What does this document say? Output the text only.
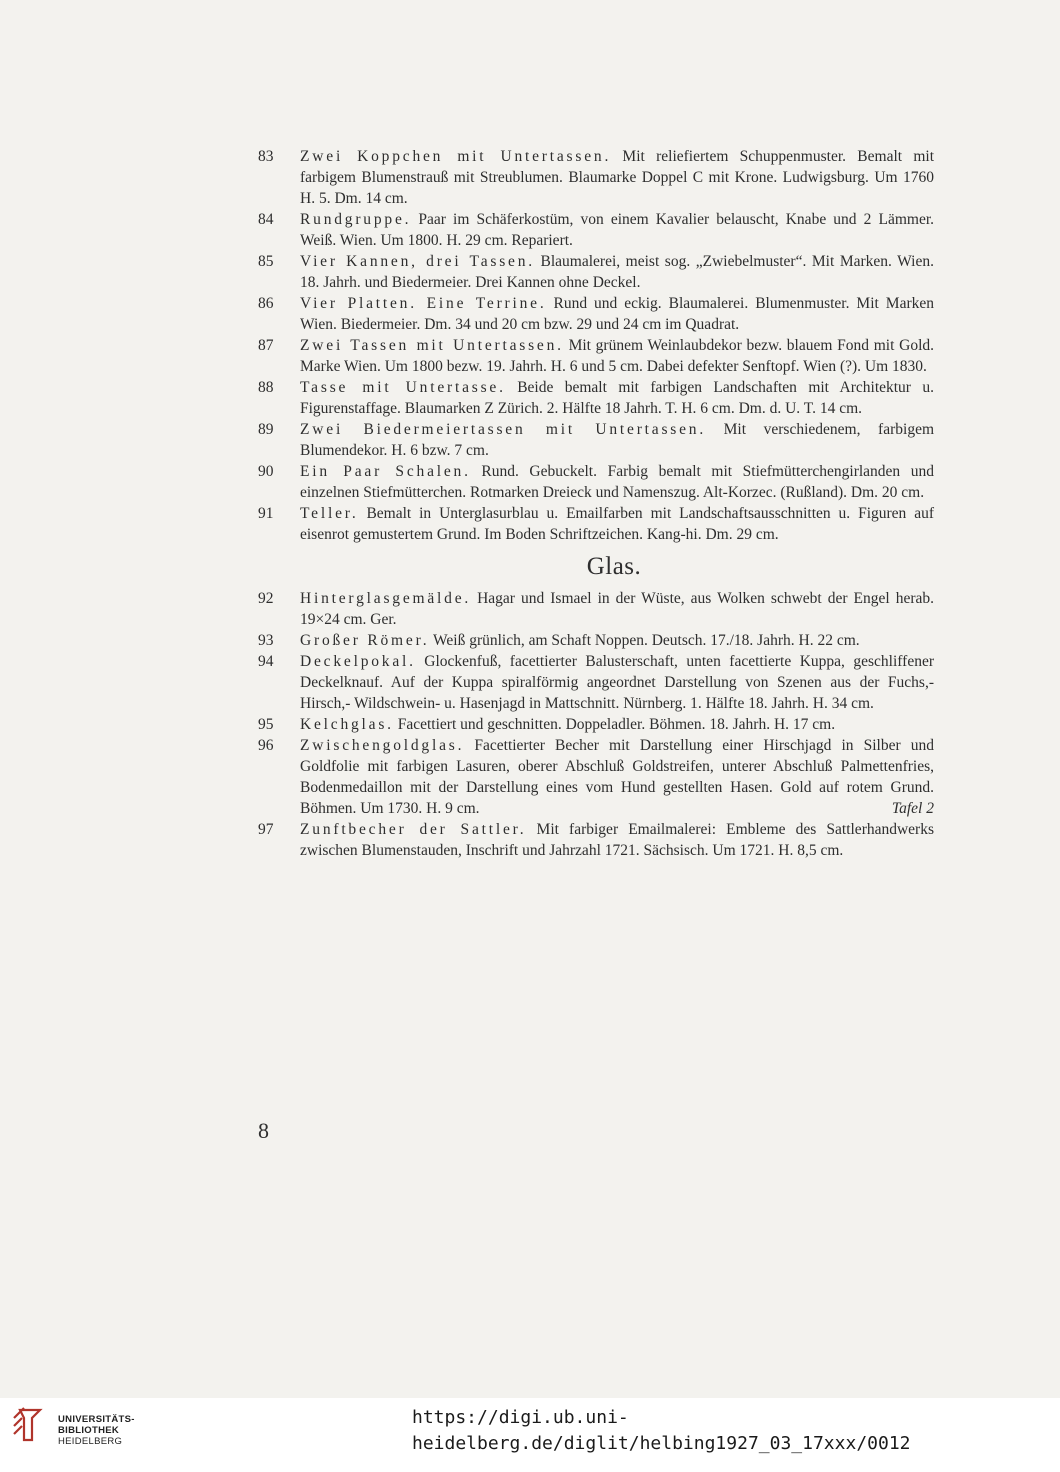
83	Zwei Koppchen mit Untertassen. Mit reliefiertem Schuppenmuster. Bemalt mit farbigem Blumenstrauß mit Streublumen. Blaumarke Doppel C mit Krone. Ludwigsburg. Um 1760 H. 5. Dm. 14 cm.
84	Rundgruppe. Paar im Schäferkostüm, von einem Kavalier belauscht, Knabe und 2 Lämmer. Weiß. Wien. Um 1800. H. 29 cm. Repariert.
85	Vier Kannen, drei Tassen. Blaumalerei, meist sog. „Zwiebelmuster“. Mit Marken. Wien. 18. Jahrh. und Biedermeier. Drei Kannen ohne Deckel.
86	Vier Platten. Eine Terrine. Rund und eckig. Blaumalerei. Blumenmuster. Mit Marken Wien. Biedermeier. Dm. 34 und 20 cm bzw. 29 und 24 cm im Quadrat.
87	Zwei Tassen mit Untertassen. Mit grünem Weinlaubdekor bezw. blauem Fond mit Gold. Marke Wien. Um 1800 bezw. 19. Jahrh. H. 6 und 5 cm. Dabei defekter Senftopf. Wien (?). Um 1830.
88	Tasse mit Untertasse. Beide bemalt mit farbigen Landschaften mit Architektur u. Figurenstaffage. Blaumarken Z Zürich. 2. Hälfte 18 Jahrh. T. H. 6 cm. Dm. d. U. T. 14 cm.
89	Zwei Biedermeiertassen mit Untertassen. Mit verschiedenem, farbigem Blumendekor. H. 6 bzw. 7 cm.
90	Ein Paar Schalen. Rund. Gebuckelt. Farbig bemalt mit Stiefmütterchengirlanden und einzelnen Stiefmütterchen. Rotmarken Dreieck und Namenszug. Alt-Korzec. (Rußland). Dm. 20 cm.
91	Teller. Bemalt in Unterglasurblau u. Emailfarben mit Landschaftsausschnitten u. Figuren auf eisenrot gemustertem Grund. Im Boden Schriftzeichen. Kang-hi. Dm. 29 cm.
Glas.
92	Hinterglasgemälde. Hagar und Ismael in der Wüste, aus Wolken schwebt der Engel herab. 19×24 cm. Ger.
93	Großer Römer. Weiß grünlich, am Schaft Noppen. Deutsch. 17./18. Jahrh. H. 22 cm.
94	Deckelpokal. Glockenfuß, facettierter Balusterschaft, unten facettierte Kuppa, geschliffener Deckelknauf. Auf der Kuppa spiralförmig angeordnet Darstellung von Szenen aus der Fuchs,- Hirsch,- Wildschwein- u. Hasenjagd in Mattschnitt. Nürnberg. 1. Hälfte 18. Jahrh. H. 34 cm.
95	Kelchglas. Facettiert und geschnitten. Doppeladler. Böhmen. 18. Jahrh. H. 17 cm.
96	Zwischengoldglas. Facettierter Becher mit Darstellung einer Hirschjagd in Silber und Goldfolie mit farbigen Lasuren, oberer Abschluß Goldstreifen, unterer Abschluß Palmettenfries, Bodenmedaillon mit der Darstellung eines vom Hund gestellten Hasen. Gold auf rotem Grund. Böhmen. Um 1730. H. 9 cm.	Tafel 2
97	Zunftbecher der Sattler. Mit farbiger Emailmalerei: Embleme des Sattlerhandwerks zwischen Blumenstauden, Inschrift und Jahrzahl 1721. Sächsisch. Um 1721. H. 8,5 cm.
8
UNIVERSITÄTS-
BIBLIOTHEK
HEIDELBERG
https://digi.ub.uni-heidelberg.de/diglit/helbing1927_03_17xxx/0012
